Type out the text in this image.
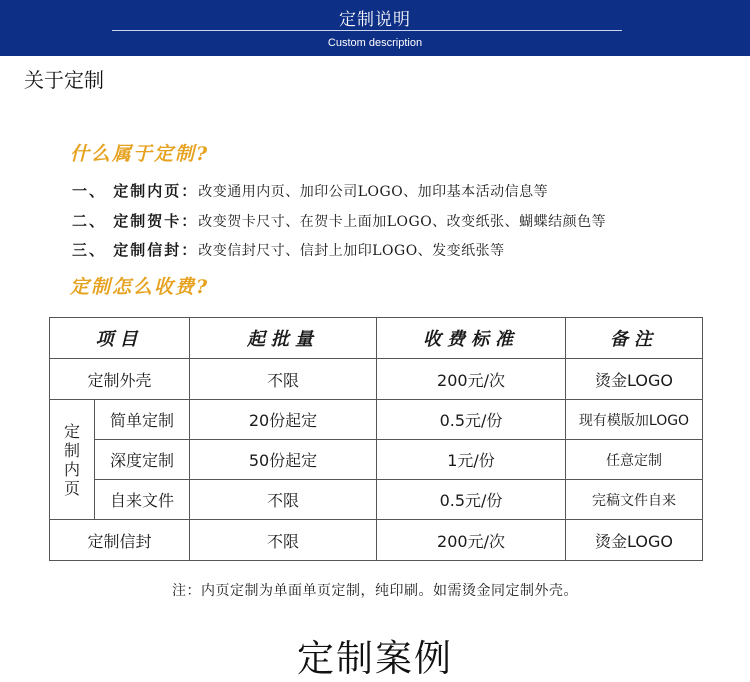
定制说明
Custom description
关于定制
什么属于定制?
一、 定制内页：改变通用内页、加印公司LOGO、加印基本活动信息等
二、 定制贺卡：改变贺卡尺寸、在贺卡上面加LOGO、改变纸张、蝴蝶结颜色等
三、 定制信封：改变信封尺寸、信封上加印LOGO、发变纸张等
定制怎么收费?
项目		起批量	收费标准	备注
定制外壳		不限	200元/次	烫金LOGO

定
制
内
页	简单定制	20份起定	0.5元/份	现有模版加LOGO
	深度定制	50份起定	1元/份	任意定制
	自来文件	不限	0.5元/份	完稿文件自来
定制信封		不限	200元/次	烫金LOGO
注：内页定制为单面单页定制，纯印刷。如需烫金同定制外壳。
定制案例
